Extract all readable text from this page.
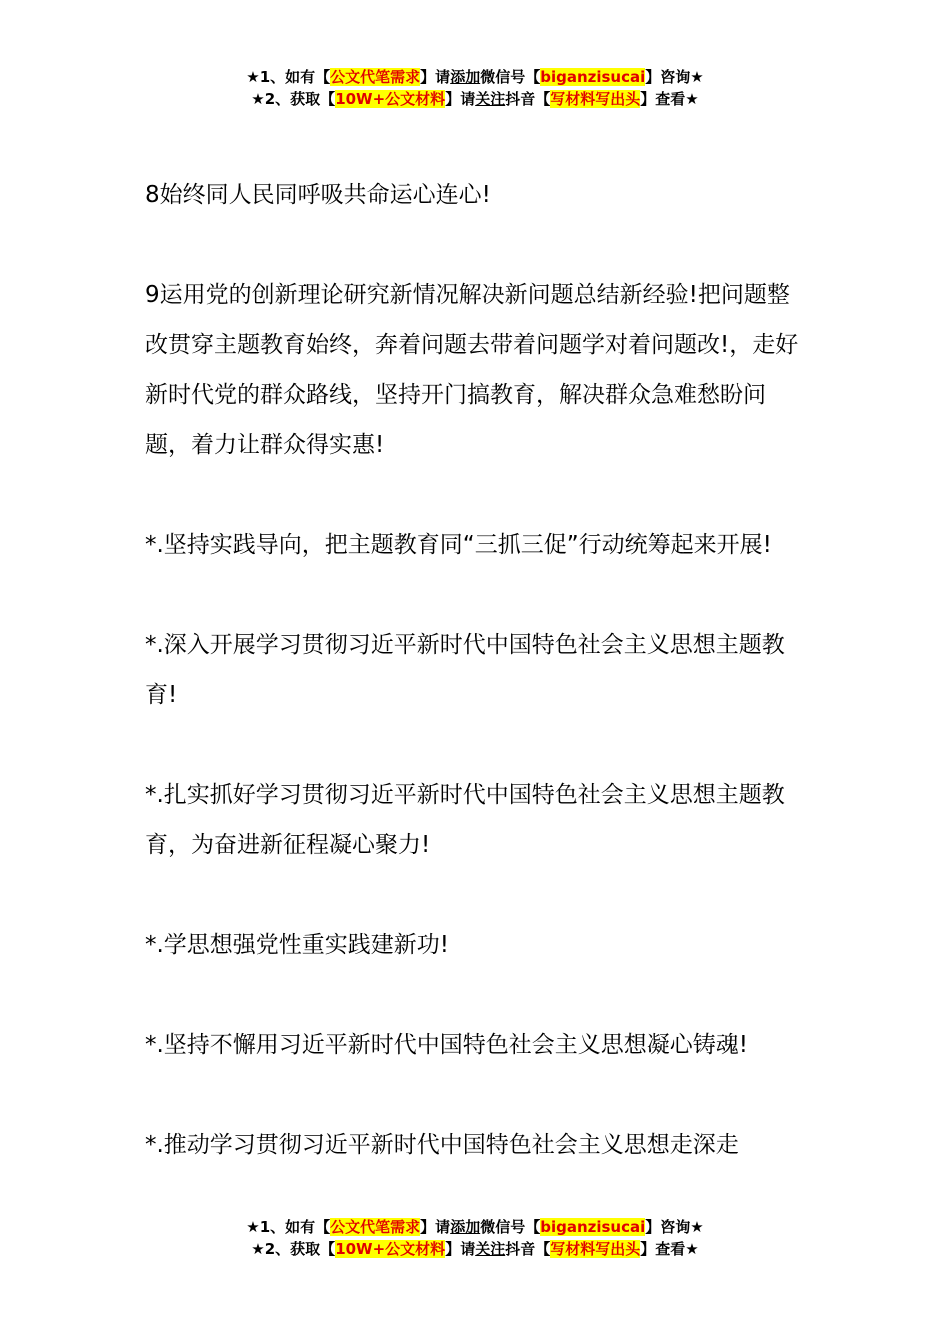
★1、如有【公文代笔需求】请添加微信号【biganzisucai】咨询★
★2、获取【10W+公文材料】请关注抖音【写材料写出头】查看★

8始终同人民同呼吸共命运心连心!

9运用党的创新理论研究新情况解决新问题总结新经验!把问题整改贯穿主题教育始终，奔着问题去带着问题学对着问题改!，走好新时代党的群众路线，坚持开门搞教育，解决群众急难愁盼问题，着力让群众得实惠!

*.坚持实践导向，把主题教育同“三抓三促”行动统筹起来开展!

*.深入开展学习贯彻习近平新时代中国特色社会主义思想主题教育!

*.扎实抓好学习贯彻习近平新时代中国特色社会主义思想主题教育，为奋进新征程凝心聚力!

*.学思想强党性重实践建新功!

*.坚持不懈用习近平新时代中国特色社会主义思想凝心铸魂!

*.推动学习贯彻习近平新时代中国特色社会主义思想走深走

★1、如有【公文代笔需求】请添加微信号【biganzisucai】咨询★
★2、获取【10W+公文材料】请关注抖音【写材料写出头】查看★
